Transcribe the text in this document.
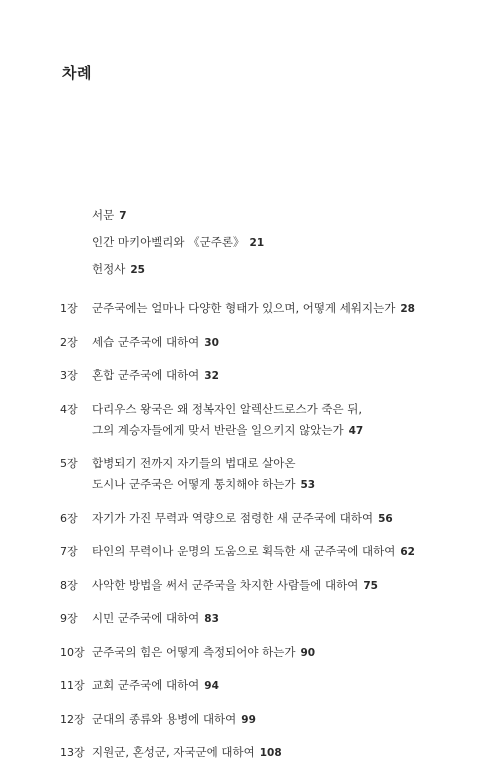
차례
서문 7
인간 마키아벨리와 《군주론》 21
헌정사 25
1장	군주국에는 얼마나 다양한 형태가 있으며, 어떻게 세워지는가 28
2장	세습 군주국에 대하여 30
3장	혼합 군주국에 대하여 32
4장	다리우스 왕국은 왜 정복자인 알렉산드로스가 죽은 뒤,
그의 계승자들에게 맞서 반란을 일으키지 않았는가 47
5장	합병되기 전까지 자기들의 법대로 살아온
도시나 군주국은 어떻게 통치해야 하는가 53
6장	자기가 가진 무력과 역량으로 점령한 새 군주국에 대하여 56
7장	타인의 무력이나 운명의 도움으로 획득한 새 군주국에 대하여 62
8장	사악한 방법을 써서 군주국을 차지한 사람들에 대하여 75
9장	시민 군주국에 대하여 83
10장 군주국의 힘은 어떻게 측정되어야 하는가 90
11장 교회 군주국에 대하여 94
12장 군대의 종류와 용병에 대하여 99
13장 지원군, 혼성군, 자국군에 대하여 108
